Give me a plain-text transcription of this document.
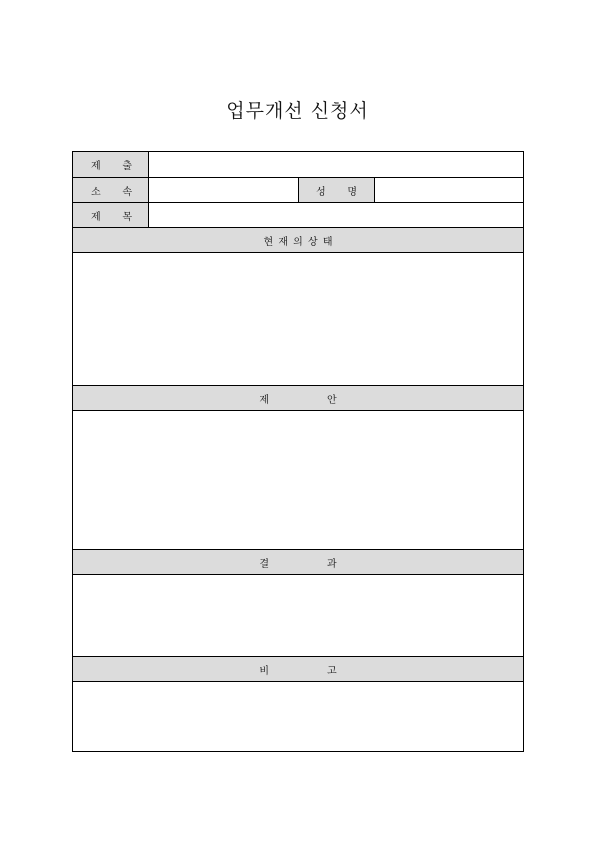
업무개선 신청서
제 출
소 속	성 명
제 목
현 재 의 상 태
제	안
결	과
비	고
